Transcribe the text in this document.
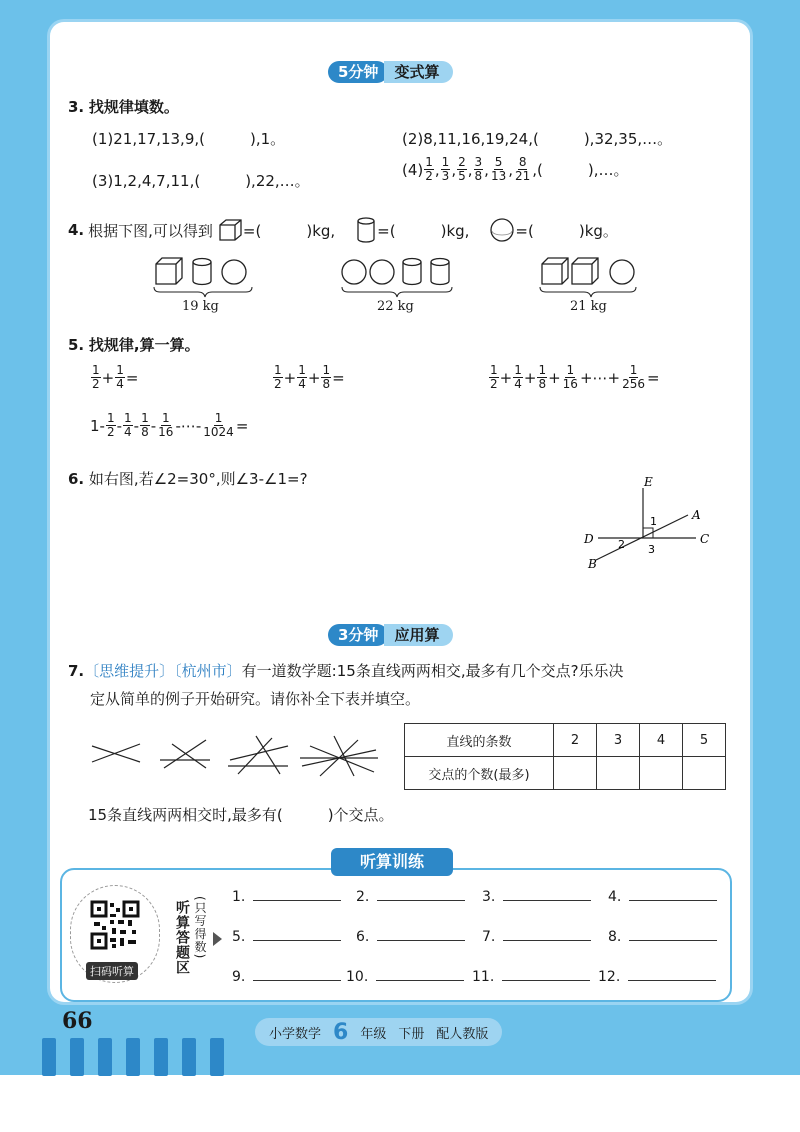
5分钟	变式算
3. 找规律填数。
(1)21,17,13,9,(　　　),1。	(2)8,11,16,19,24,(　　　),32,35,…。
(3)1,2,4,7,11,(　　　),22,…。
$(4) \frac{1}{2}$ , $\frac{1}{3}$ , $\frac{2}{5}$ , $\frac{3}{8}$ , $\frac{5}{13}$ , $\frac{8}{21}$ ,(　　　),…。
4. 根据下图,可以得到 =(　　　)kg,	=(　　　)kg,	=(　　　)kg。
19 kg	22 kg	21 kg
5. 找规律,算一算。
$\frac{1}{2} + \frac{1}{4}$ =	$\frac{1}{2} + \frac{1}{4} + \frac{1}{8}$ =	$\frac{1}{2} + \frac{1}{4} + \frac{1}{8} + \frac{1}{16}$ +⋯+ $\frac{1}{256}$ =
$1- \frac{1}{2} - \frac{1}{4} - \frac{1}{8} - \frac{1}{16}$ -⋯- $\frac{1}{1024}$ =
6. 如右图,若∠2=30°,则∠3-∠1=?	E
A
D	C
B
1
2 3
3分钟	应用算
7.〔思维提升〕〔杭州市〕有一道数学题:15条直线两两相交,最多有几个交点?乐乐决
定从简单的例子开始研究。请你补全下表并填空。
直线的条数	2	3	4	5
交点的个数(最多)				
15条直线两两相交时,最多有(　　　)个交点。
听算训练
扫码听算	听算答题区 (只写得数) 1.	2.	3.	4.
5.	6.	7.	8.
9.	10.	11.	12.
66	小学数学 6 年级 下册 配人教版
